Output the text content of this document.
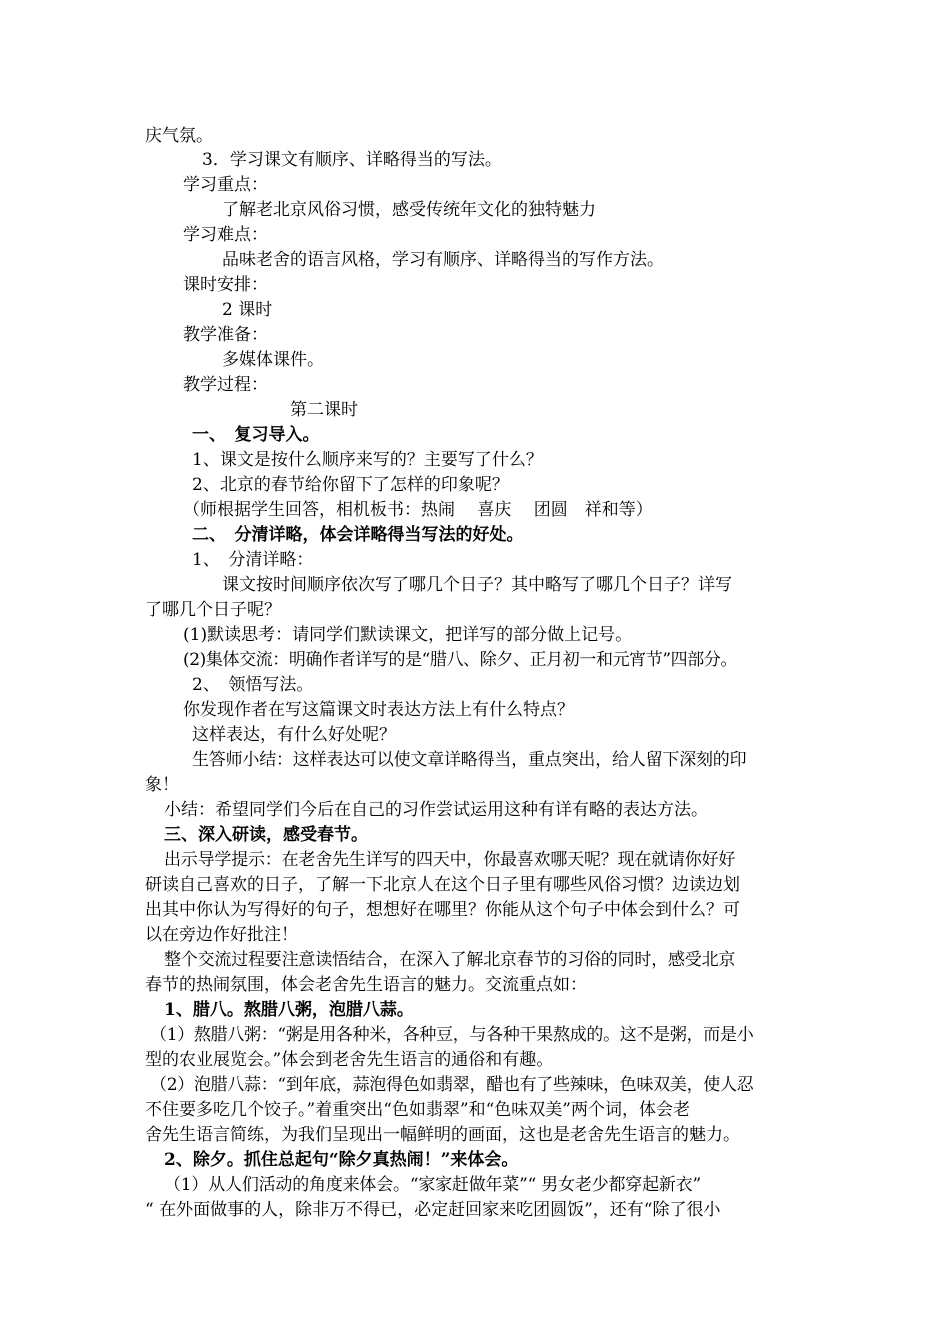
庆气氛。
3．学习课文有顺序、详略得当的写法。
学习重点：
了解老北京风俗习惯，感受传统年文化的独特魅力
学习难点：
品味老舍的语言风格，学习有顺序、详略得当的写作方法。
课时安排：
2 课时
教学准备：
多媒体课件。
教学过程：
第二课时
一、　复习导入。
1、课文是按什么顺序来写的？主要写了什么？
2、北京的春节给你留下了怎样的印象呢？
（师根据学生回答，相机板书：热闹　 喜庆　 团圆　祥和等）
二、　分清详略，体会详略得当写法的好处。
1、　分清详略：
课文按时间顺序依次写了哪几个日子？其中略写了哪几个日子？详写
了哪几个日子呢？
(1)默读思考：请同学们默读课文，把详写的部分做上记号。
(2)集体交流：明确作者详写的是“腊八、除夕、正月初一和元宵节”四部分。
2、　领悟写法。
你发现作者在写这篇课文时表达方法上有什么特点？
这样表达，有什么好处呢？
生答师小结：这样表达可以使文章详略得当，重点突出，给人留下深刻的印
象！
小结：希望同学们今后在自己的习作尝试运用这种有详有略的表达方法。
三、深入研读，感受春节。
出示导学提示：在老舍先生详写的四天中，你最喜欢哪天呢？现在就请你好好
研读自己喜欢的日子，了解一下北京人在这个日子里有哪些风俗习惯？边读边划
出其中你认为写得好的句子，想想好在哪里？你能从这个句子中体会到什么？可
以在旁边作好批注！
整个交流过程要注意读悟结合，在深入了解北京春节的习俗的同时，感受北京
春节的热闹氛围，体会老舍先生语言的魅力。交流重点如：
1、腊八。熬腊八粥，泡腊八蒜。
（1）熬腊八粥：“粥是用各种米，各种豆，与各种干果熬成的。这不是粥，而是小
型的农业展览会。”体会到老舍先生语言的通俗和有趣。
（2）泡腊八蒜：“到年底，蒜泡得色如翡翠，醋也有了些辣味，色味双美，使人忍
不住要多吃几个饺子。”着重突出“色如翡翠”和“色味双美”两个词，体会老
舍先生语言简练，为我们呈现出一幅鲜明的画面，这也是老舍先生语言的魅力。
2、除夕。抓住总起句“除夕真热闹！”来体会。
（1）从人们活动的角度来体会。“家家赶做年菜”“ 男女老少都穿起新衣”
“ 在外面做事的人，除非万不得已，必定赶回家来吃团圆饭”，还有“除了很小
